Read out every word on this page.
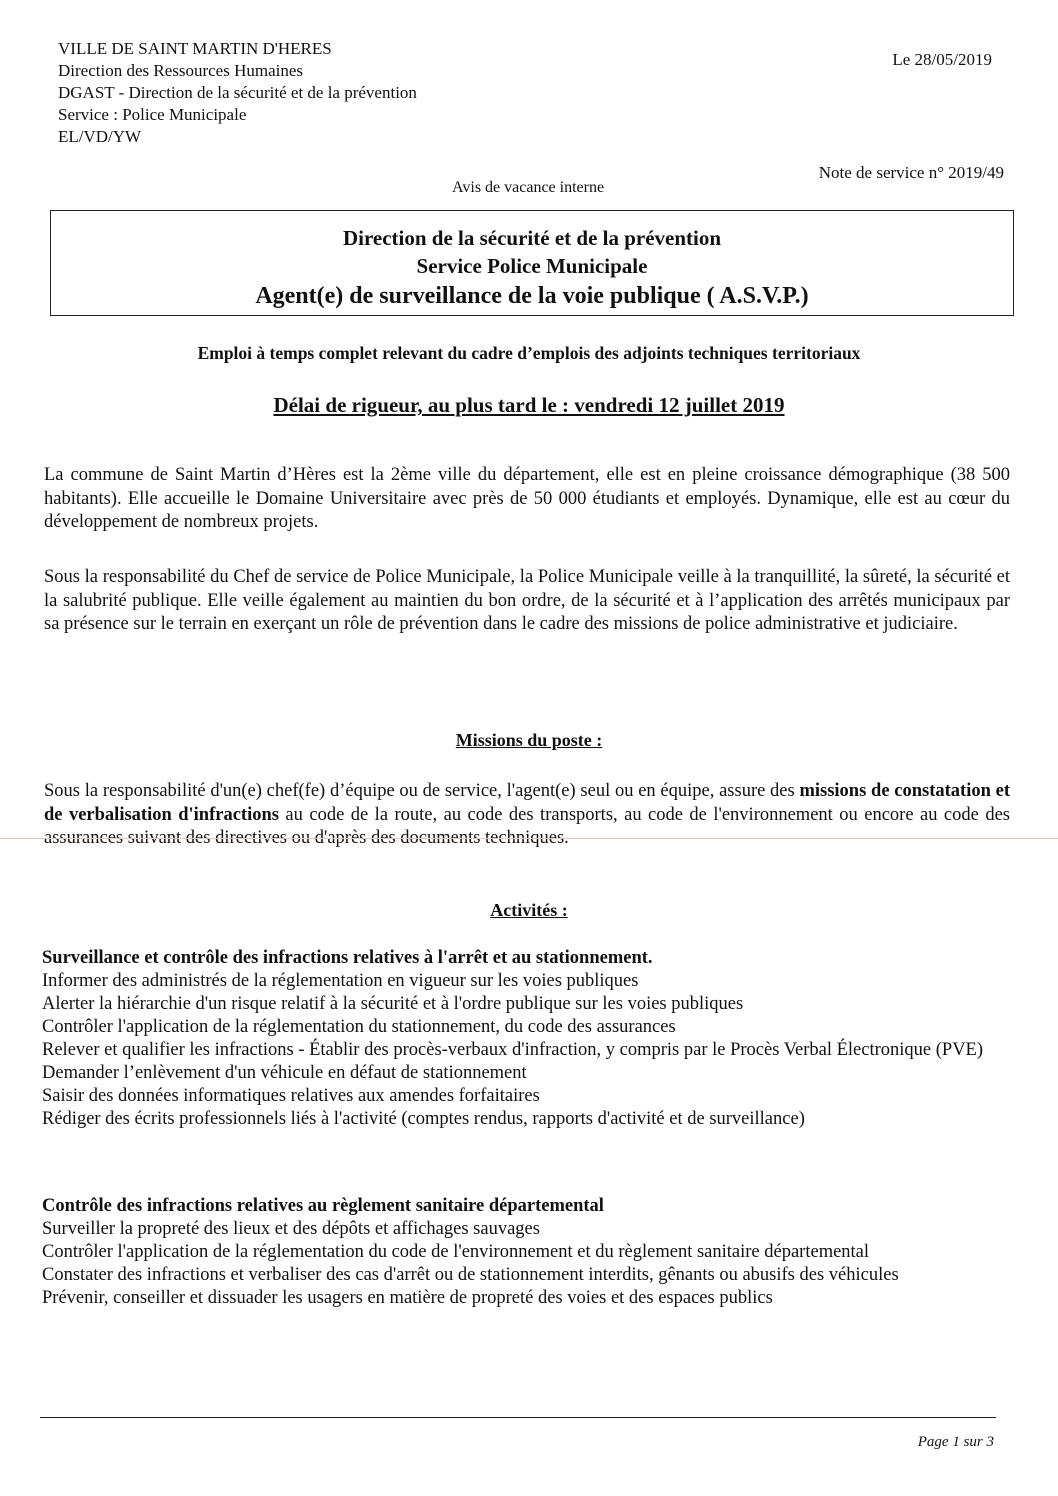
VILLE DE SAINT MARTIN D'HERES
Direction des Ressources Humaines
DGAST - Direction de la sécurité et de la prévention
Service : Police Municipale
EL/VD/YW
Le 28/05/2019
Note de service n° 2019/49
Avis de vacance interne
Direction de la sécurité et de la prévention
Service Police Municipale
Agent(e) de surveillance de la voie publique ( A.S.V.P.)
Emploi à temps complet relevant du cadre d’emplois des adjoints techniques territoriaux
Délai de rigueur, au plus tard le : vendredi 12 juillet 2019
La commune de Saint Martin d’Hères est la 2ème ville du département, elle est en pleine croissance démographique (38 500 habitants). Elle accueille le Domaine Universitaire avec près de 50 000 étudiants et employés. Dynamique, elle est au cœur du développement de nombreux projets.
Sous la responsabilité du Chef de service de Police Municipale, la Police Municipale veille à la tranquillité, la sûreté, la sécurité et la salubrité publique. Elle veille également au maintien du bon ordre, de la sécurité et à l’application des arrêtés municipaux par sa présence sur le terrain en exerçant un rôle de prévention dans le cadre des missions de police administrative et judiciaire.
Missions du poste :
Sous la responsabilité d'un(e) chef(fe) d’équipe ou de service, l'agent(e) seul ou en équipe, assure des missions de constatation et de verbalisation d'infractions au code de la route, au code des transports, au code de l'environnement ou encore au code des assurances suivant des directives ou d'après des documents techniques.
Activités :
Surveillance et contrôle des infractions relatives à l'arrêt et au stationnement.
Informer des administrés de la réglementation en vigueur sur les voies publiques
Alerter la hiérarchie d'un risque relatif à la sécurité et à l'ordre publique sur les voies publiques
Contrôler l'application de la réglementation du stationnement, du code des assurances
Relever et qualifier les infractions - Établir des procès-verbaux d'infraction, y compris par le Procès Verbal Électronique (PVE)
Demander l’enlèvement d'un véhicule en défaut de stationnement
Saisir des données informatiques relatives aux amendes forfaitaires
Rédiger des écrits professionnels liés à l'activité (comptes rendus, rapports d'activité et de surveillance)
Contrôle des infractions relatives au règlement sanitaire départemental
Surveiller la propreté des lieux et des dépôts et affichages sauvages
Contrôler l'application de la réglementation du code de l'environnement et du règlement sanitaire départemental
Constater des infractions et verbaliser des cas d'arrêt ou de stationnement interdits, gênants ou abusifs des véhicules
Prévenir, conseiller et dissuader les usagers en matière de propreté des voies et des espaces publics
Page 1 sur 3
